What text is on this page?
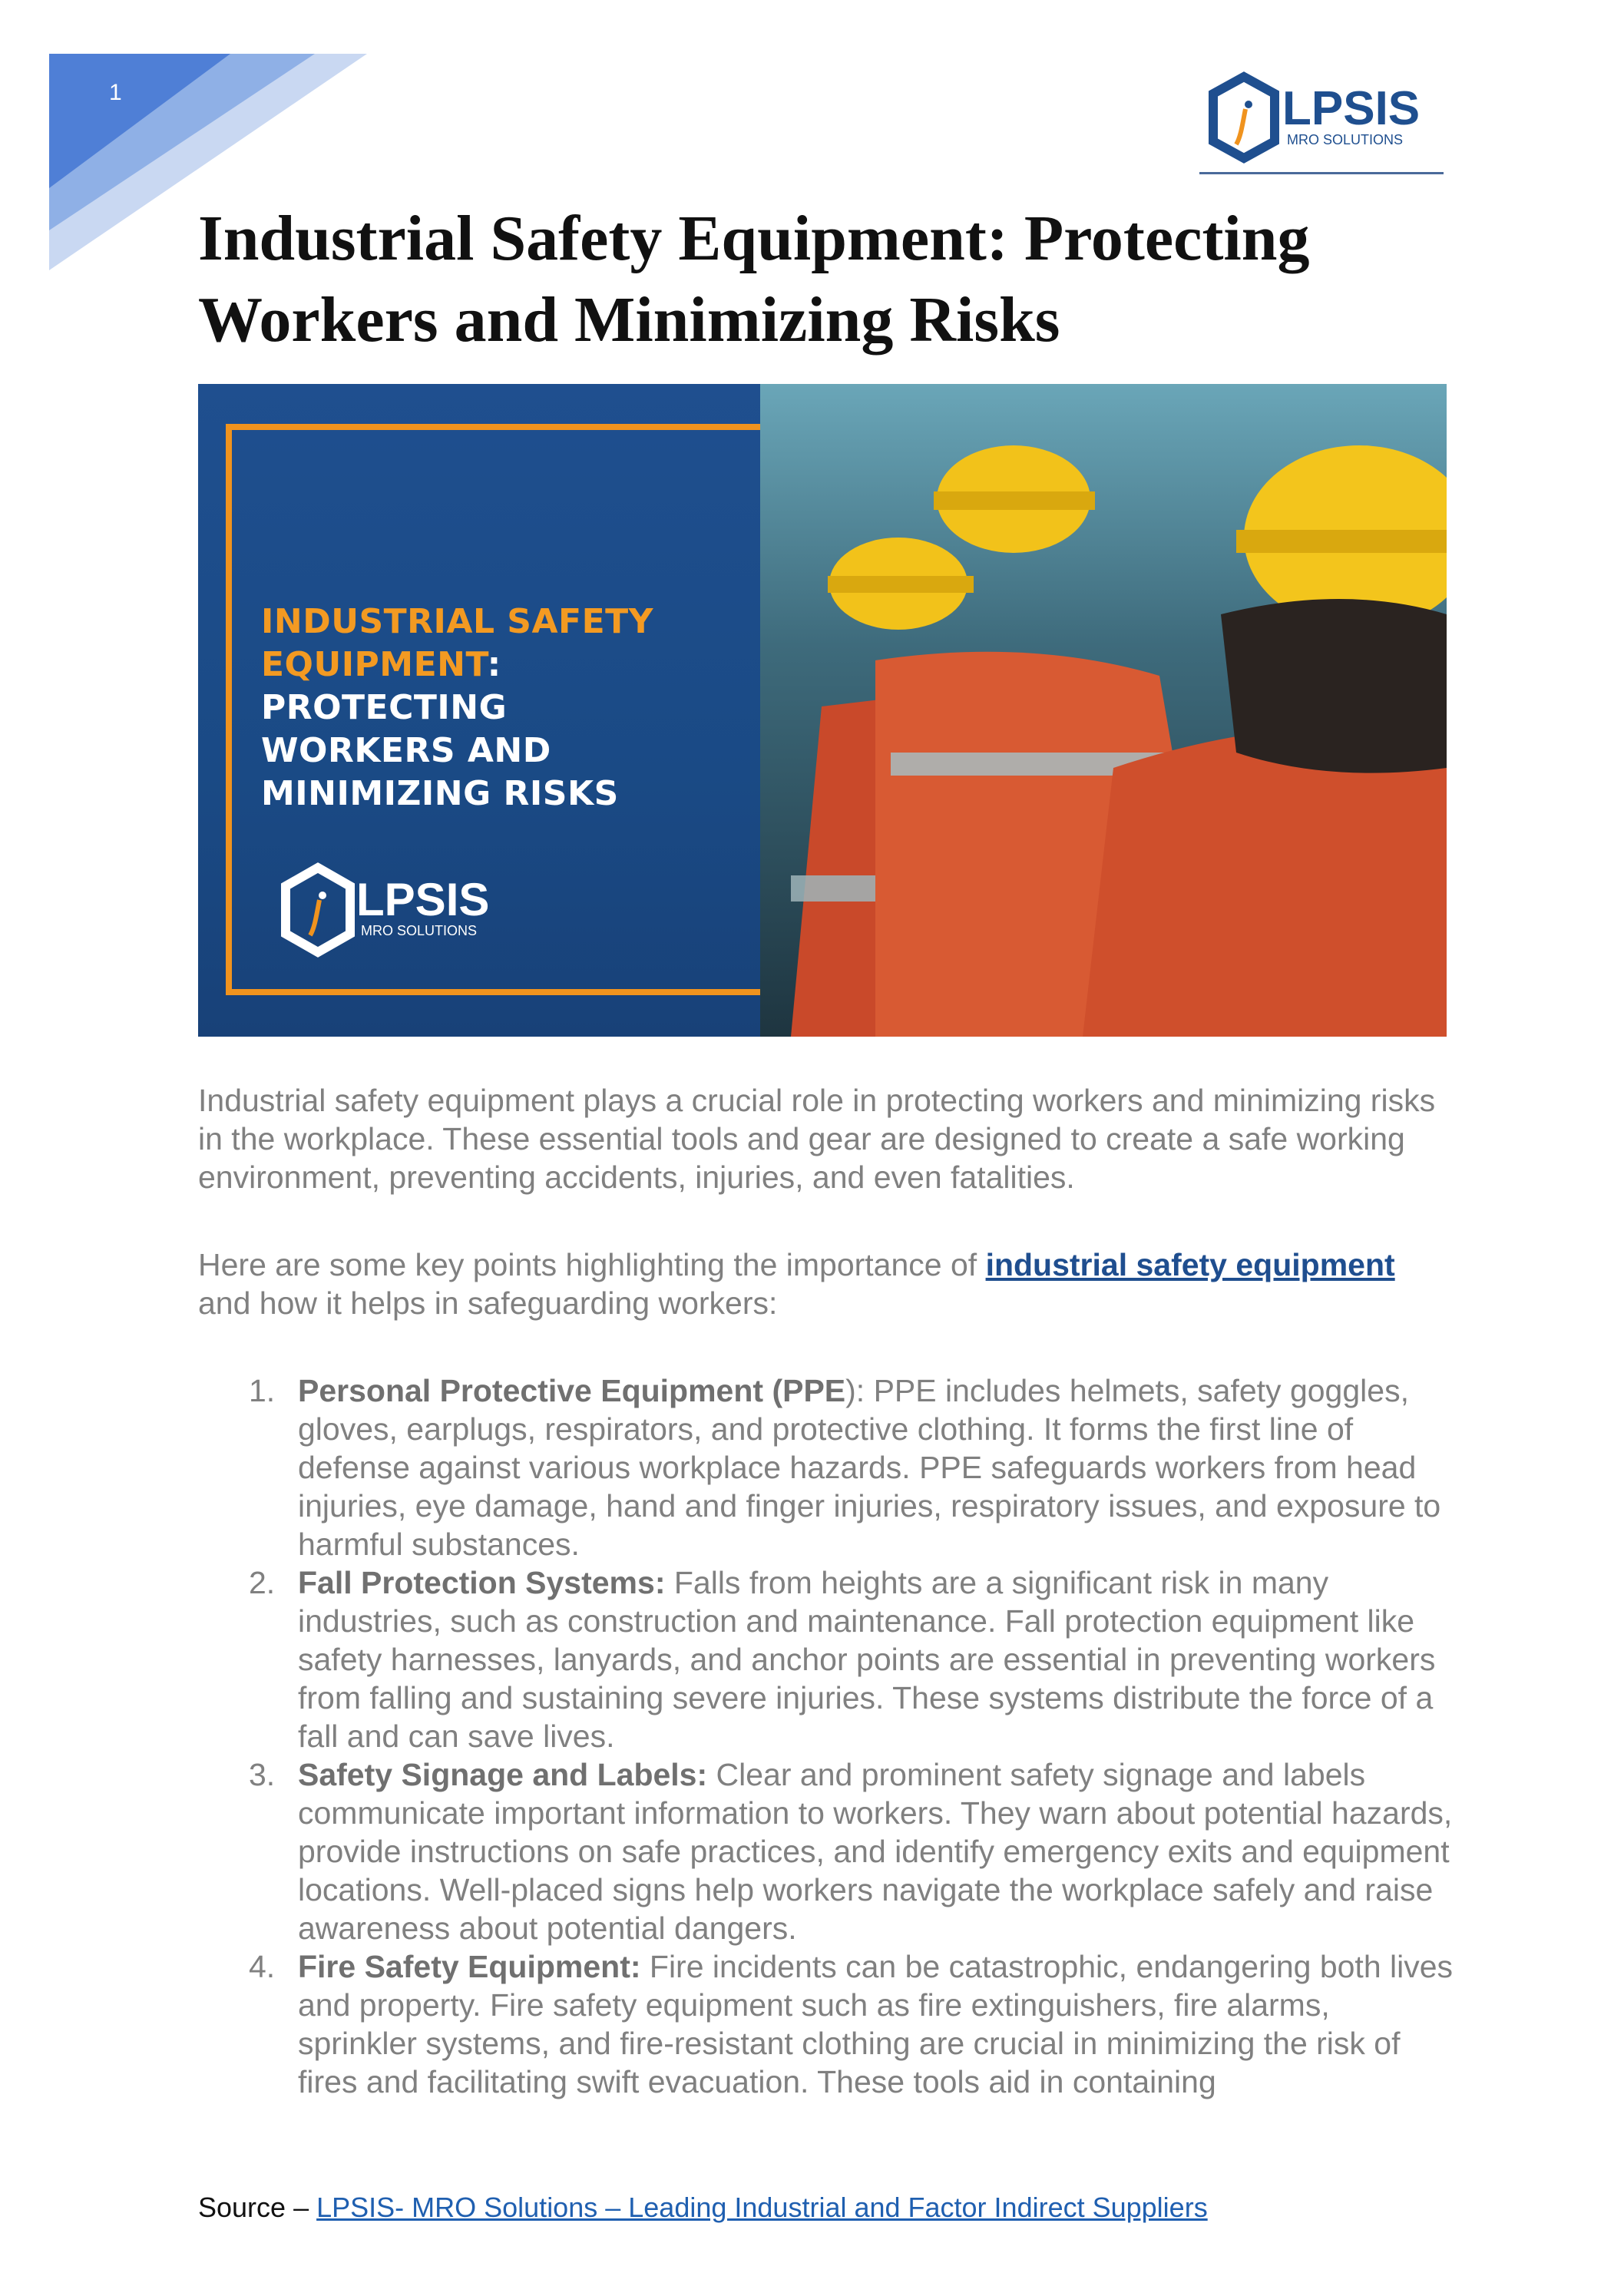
1	LPSIS
MRO SOLUTIONS
Industrial Safety Equipment: Protecting Workers and Minimizing Risks
INDUSTRIAL SAFETY
EQUIPMENT: PROTECTING
WORKERS AND
MINIMIZING RISKS
LPSIS
MRO SOLUTIONS

Industrial safety equipment plays a crucial role in protecting workers and minimizing risks in the workplace. These essential tools and gear are designed to create a safe working environment, preventing accidents, injuries, and even fatalities.

Here are some key points highlighting the importance of industrial safety equipment and how it helps in safeguarding workers:

1. Personal Protective Equipment (PPE): PPE includes helmets, safety goggles, gloves, earplugs, respirators, and protective clothing. It forms the first line of defense against various workplace hazards. PPE safeguards workers from head injuries, eye damage, hand and finger injuries, respiratory issues, and exposure to harmful substances.
2. Fall Protection Systems: Falls from heights are a significant risk in many industries, such as construction and maintenance. Fall protection equipment like safety harnesses, lanyards, and anchor points are essential in preventing workers from falling and sustaining severe injuries. These systems distribute the force of a fall and can save lives.
3. Safety Signage and Labels: Clear and prominent safety signage and labels communicate important information to workers. They warn about potential hazards, provide instructions on safe practices, and identify emergency exits and equipment locations. Well-placed signs help workers navigate the workplace safely and raise awareness about potential dangers.
4. Fire Safety Equipment: Fire incidents can be catastrophic, endangering both lives and property. Fire safety equipment such as fire extinguishers, fire alarms, sprinkler systems, and fire-resistant clothing are crucial in minimizing the risk of fires and facilitating swift evacuation. These tools aid in containing
Source – LPSIS- MRO Solutions – Leading Industrial and Factor Indirect Suppliers
